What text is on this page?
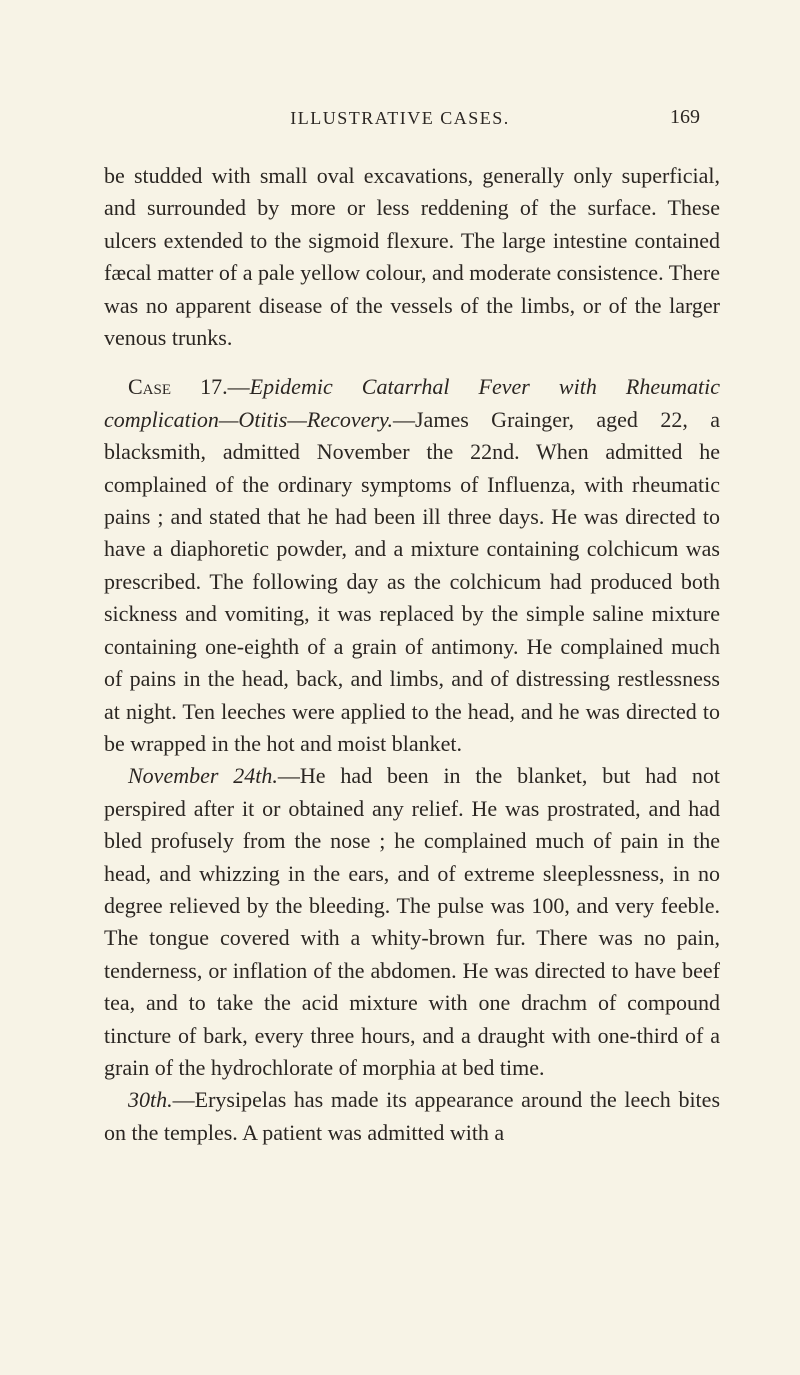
ILLUSTRATIVE CASES.	169

be studded with small oval excavations, generally only superficial, and surrounded by more or less reddening of the surface. These ulcers extended to the sigmoid flexure. The large intestine contained fæcal matter of a pale yellow colour, and moderate consistence. There was no apparent disease of the vessels of the limbs, or of the larger venous trunks.

Case 17.—Epidemic Catarrhal Fever with Rheumatic complication—Otitis—Recovery.—James Grainger, aged 22, a blacksmith, admitted November the 22nd. When admitted he complained of the ordinary symptoms of Influenza, with rheumatic pains ; and stated that he had been ill three days. He was directed to have a diaphoretic powder, and a mixture containing colchicum was prescribed. The following day as the colchicum had produced both sickness and vomiting, it was replaced by the simple saline mixture containing one-eighth of a grain of antimony. He complained much of pains in the head, back, and limbs, and of distressing restlessness at night. Ten leeches were applied to the head, and he was directed to be wrapped in the hot and moist blanket.

November 24th.—He had been in the blanket, but had not perspired after it or obtained any relief. He was prostrated, and had bled profusely from the nose ; he complained much of pain in the head, and whizzing in the ears, and of extreme sleeplessness, in no degree relieved by the bleeding. The pulse was 100, and very feeble. The tongue covered with a whity-brown fur. There was no pain, tenderness, or inflation of the abdomen. He was directed to have beef tea, and to take the acid mixture with one drachm of compound tincture of bark, every three hours, and a draught with one-third of a grain of the hydrochlorate of morphia at bed time.

30th.—Erysipelas has made its appearance around the leech bites on the temples. A patient was admitted with a
